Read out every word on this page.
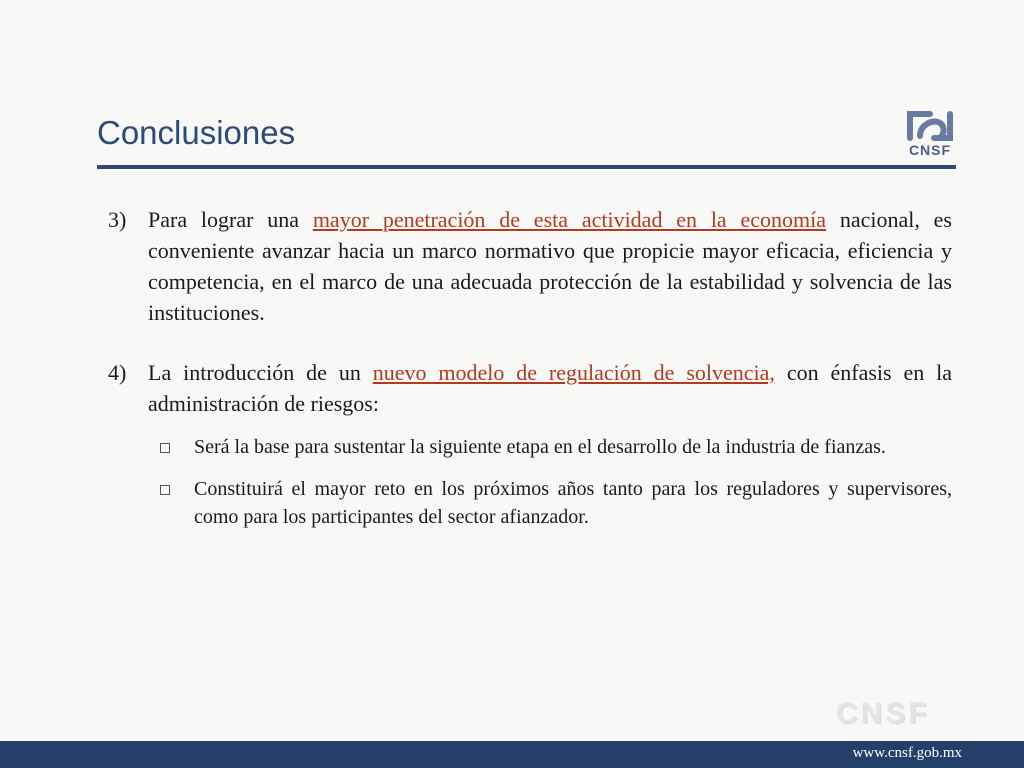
Conclusiones	CNSF
3) Para lograr una mayor penetración de esta actividad en la economía nacional, es conveniente avanzar hacia un marco normativo que propicie mayor eficacia, eficiencia y competencia, en el marco de una adecuada protección de la estabilidad y solvencia de las instituciones.
4) La introducción de un nuevo modelo de regulación de solvencia, con énfasis en la administración de riesgos:
Será la base para sustentar la siguiente etapa en el desarrollo de la industria de fianzas.
Constituirá el mayor reto en los próximos años tanto para los reguladores y supervisores, como para los participantes del sector afianzador.
CNSF
www.cnsf.gob.mx
